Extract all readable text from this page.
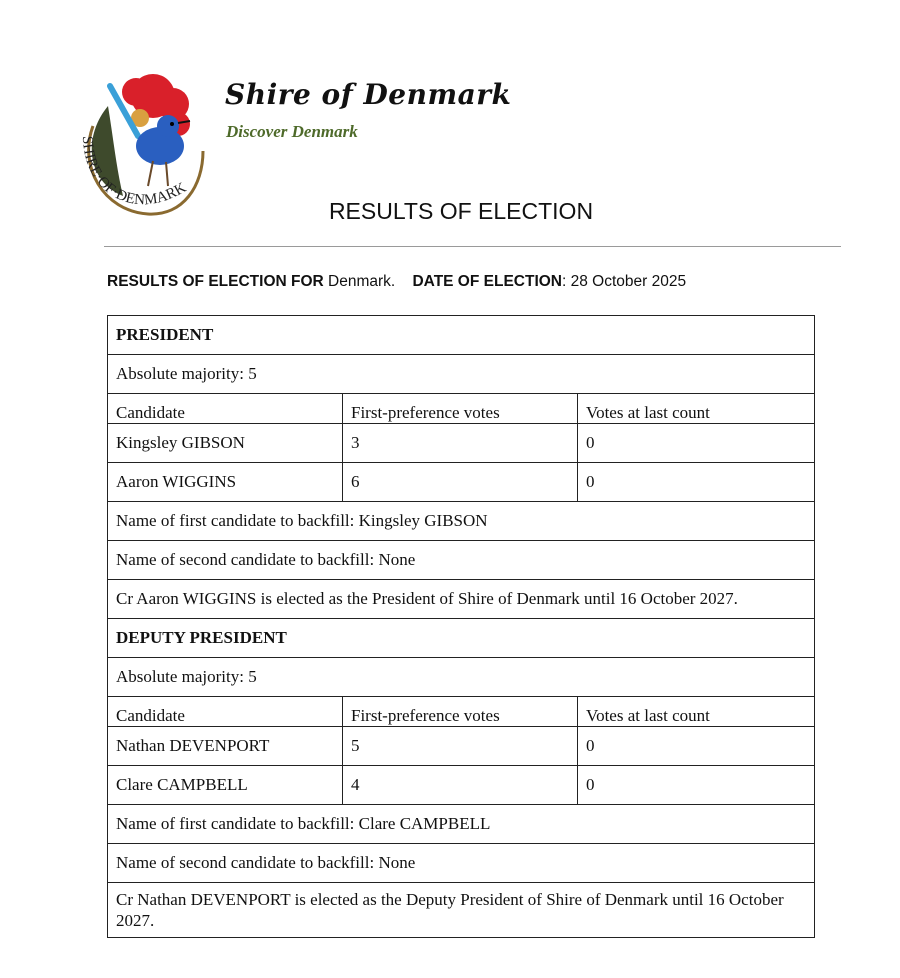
SHIRE·OF·DENMARK
Shire of Denmark
Discover Denmark
RESULTS OF ELECTION
RESULTS OF ELECTION FOR Denmark. DATE OF ELECTION: 28 October 2025
PRESIDENT		
Absolute majority: 5		
Candidate	First-preference votes	Votes at last count
Kingsley GIBSON	3	0
Aaron WIGGINS	6	0
Name of first candidate to backfill: Kingsley GIBSON		
Name of second candidate to backfill: None		
Cr Aaron WIGGINS is elected as the President of Shire of Denmark until 16 October 2027.		
DEPUTY PRESIDENT		
Absolute majority: 5		
Candidate	First-preference votes	Votes at last count
Nathan DEVENPORT	5	0
Clare CAMPBELL	4	0
Name of first candidate to backfill: Clare CAMPBELL		
Name of second candidate to backfill: None		
Cr Nathan DEVENPORT is elected as the Deputy President of Shire of Denmark until 16 October 2027.		
